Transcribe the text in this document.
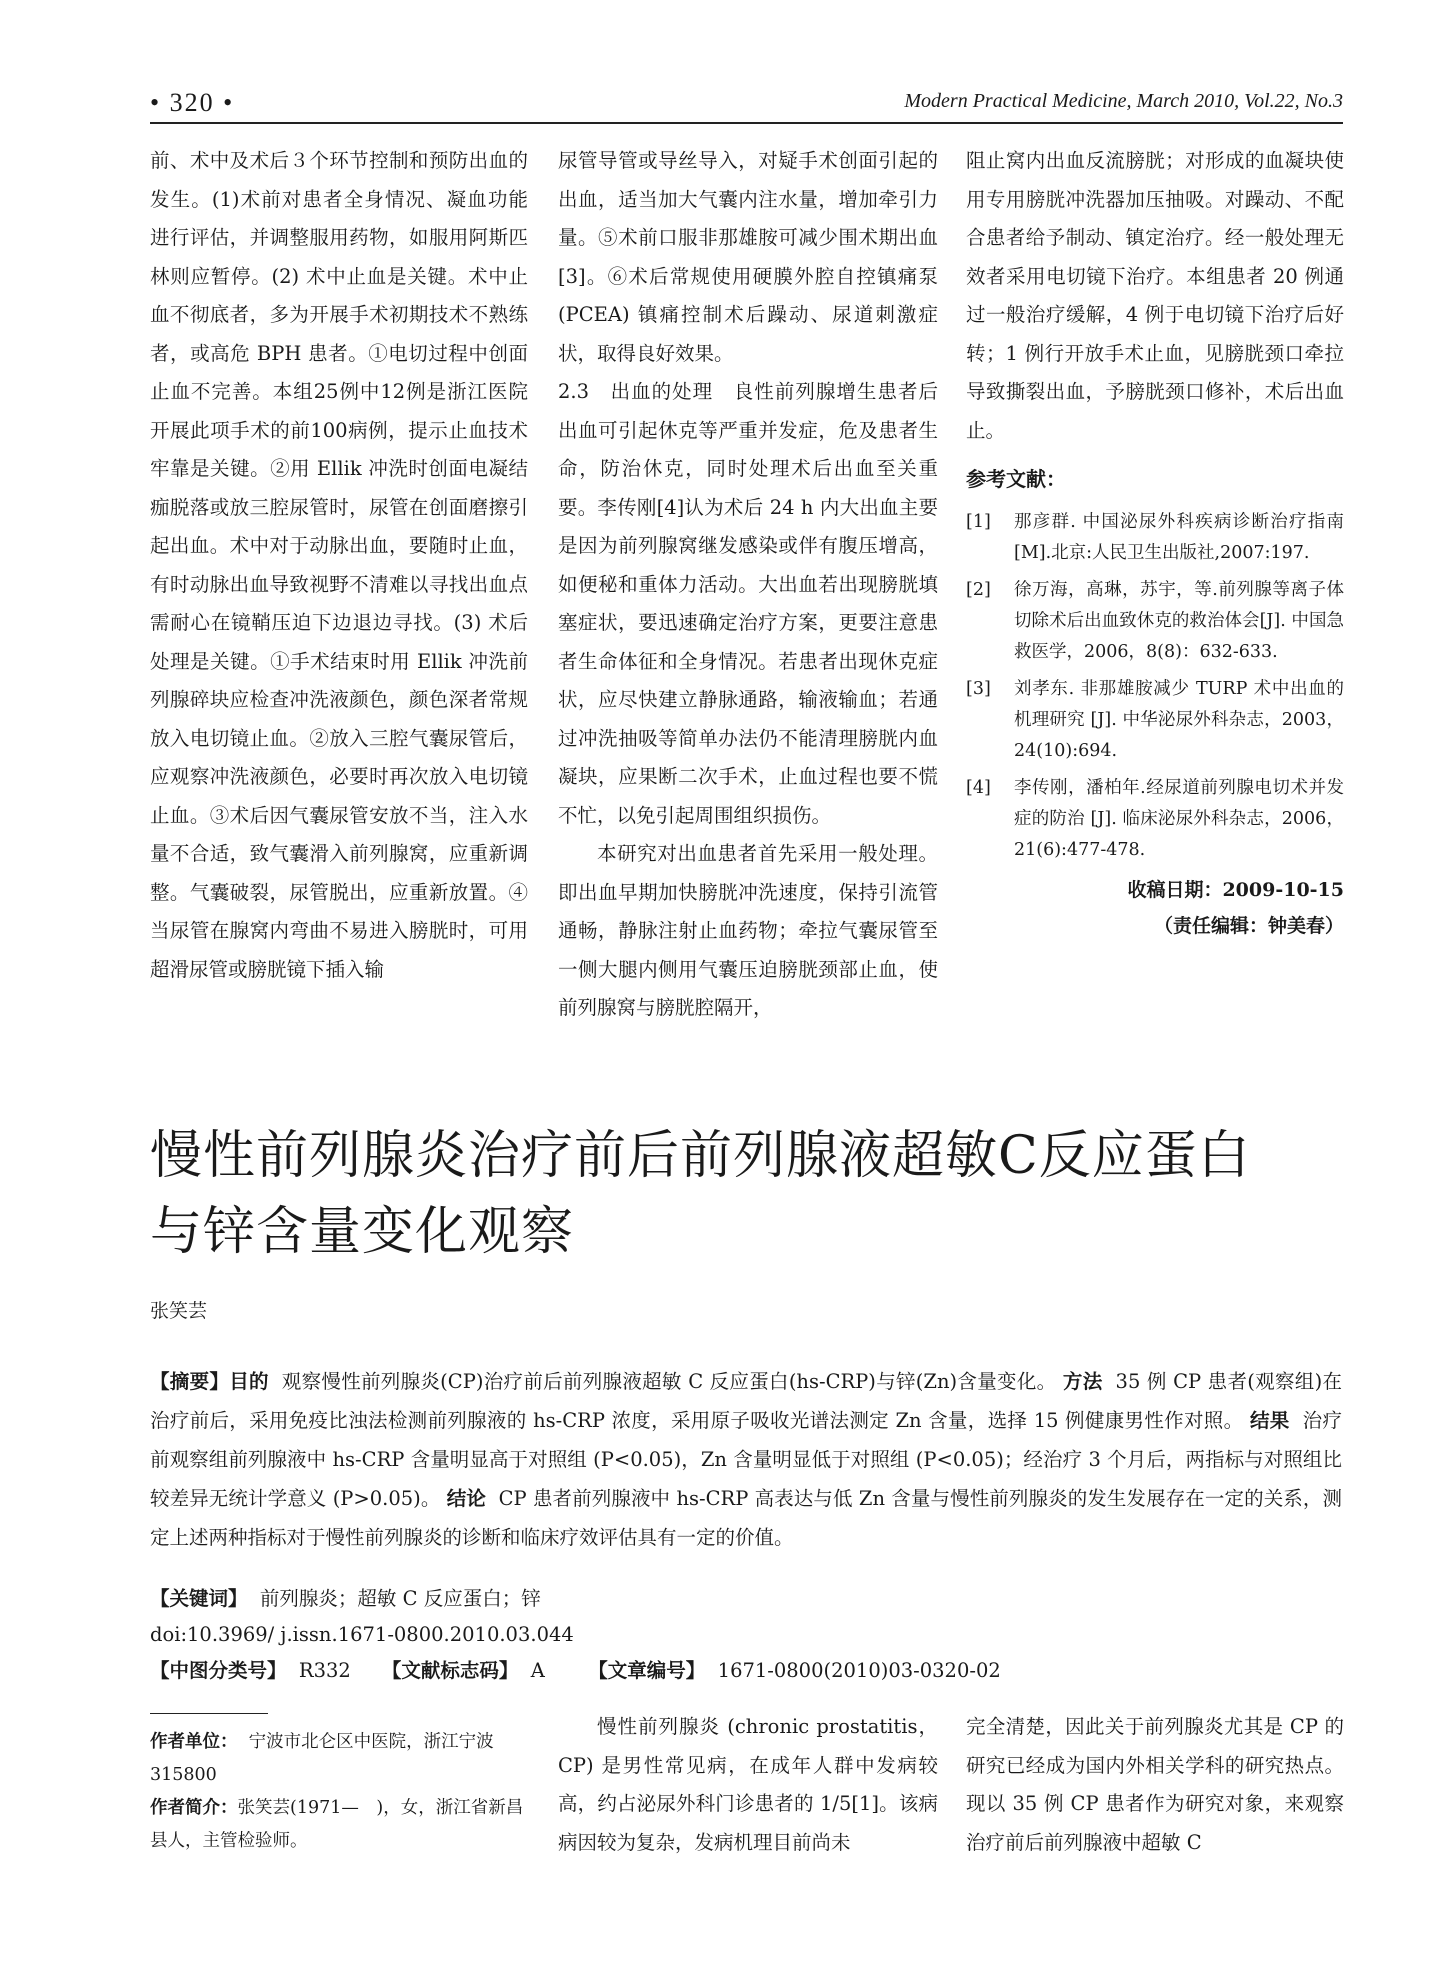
• 320 •	Modern Practical Medicine, March 2010, Vol.22, No.3

前、术中及术后３个环节控制和预防出血的发生。(1)术前对患者全身情况、凝血功能进行评估，并调整服用药物，如服用阿斯匹林则应暂停。(2) 术中止血是关键。术中止血不彻底者，多为开展手术初期技术不熟练者，或高危 BPH 患者。①电切过程中创面止血不完善。本组25例中12例是浙江医院开展此项手术的前100病例，提示止血技术牢靠是关键。②用 Ellik 冲洗时创面电凝结痂脱落或放三腔尿管时，尿管在创面磨擦引起出血。术中对于动脉出血，要随时止血，有时动脉出血导致视野不清难以寻找出血点需耐心在镜鞘压迫下边退边寻找。(3) 术后处理是关键。①手术结束时用 Ellik 冲洗前列腺碎块应检查冲洗液颜色，颜色深者常规放入电切镜止血。②放入三腔气囊尿管后，应观察冲洗液颜色，必要时再次放入电切镜止血。③术后因气囊尿管安放不当，注入水量不合适，致气囊滑入前列腺窝，应重新调整。气囊破裂，尿管脱出，应重新放置。④当尿管在腺窝内弯曲不易进入膀胱时，可用超滑尿管或膀胱镜下插入输

尿管导管或导丝导入，对疑手术创面引起的出血，适当加大气囊内注水量，增加牵引力量。⑤术前口服非那雄胺可减少围术期出血[3]。⑥术后常规使用硬膜外腔自控镇痛泵 (PCEA) 镇痛控制术后躁动、尿道刺激症状，取得良好效果。

2.3　出血的处理　良性前列腺增生患者后出血可引起休克等严重并发症，危及患者生命，防治休克，同时处理术后出血至关重要。李传刚[4]认为术后 24 h 内大出血主要是因为前列腺窝继发感染或伴有腹压增高，如便秘和重体力活动。大出血若出现膀胱填塞症状，要迅速确定治疗方案，更要注意患者生命体征和全身情况。若患者出现休克症状，应尽快建立静脉通路，输液输血；若通过冲洗抽吸等简单办法仍不能清理膀胱内血凝块，应果断二次手术，止血过程也要不慌不忙，以免引起周围组织损伤。

本研究对出血患者首先采用一般处理。即出血早期加快膀胱冲洗速度，保持引流管通畅，静脉注射止血药物；牵拉气囊尿管至一侧大腿内侧用气囊压迫膀胱颈部止血，使前列腺窝与膀胱腔隔开，

阻止窝内出血反流膀胱；对形成的血凝块使用专用膀胱冲洗器加压抽吸。对躁动、不配合患者给予制动、镇定治疗。经一般处理无效者采用电切镜下治疗。本组患者 20 例通过一般治疗缓解，4 例于电切镜下治疗后好转；1 例行开放手术止血，见膀胱颈口牵拉导致撕裂出血，予膀胱颈口修补，术后出血止。

参考文献：
[1]	那彦群. 中国泌尿外科疾病诊断治疗指南[M].北京:人民卫生出版社,2007:197.
[2]	徐万海，高琳，苏宇，等.前列腺等离子体切除术后出血致休克的救治体会[J]. 中国急救医学，2006，8(8)：632-633.
[3]	刘孝东. 非那雄胺减少 TURP 术中出血的机理研究 [J]. 中华泌尿外科杂志，2003，24(10):694.
[4]	李传刚，潘柏年.经尿道前列腺电切术并发症的防治 [J]. 临床泌尿外科杂志，2006，21(6):477-478.
收稿日期：2009-10-15
（责任编辑：钟美春）
慢性前列腺炎治疗前后前列腺液超敏C反应蛋白
与锌含量变化观察
张笑芸
【摘要】目的 观察慢性前列腺炎(CP)治疗前后前列腺液超敏 C 反应蛋白(hs-CRP)与锌(Zn)含量变化。 方法 35 例 CP 患者(观察组)在治疗前后，采用免疫比浊法检测前列腺液的 hs-CRP 浓度，采用原子吸收光谱法测定 Zn 含量，选择 15 例健康男性作对照。 结果 治疗前观察组前列腺液中 hs-CRP 含量明显高于对照组 (P<0.05)，Zn 含量明显低于对照组 (P<0.05)；经治疗 3 个月后，两指标与对照组比较差异无统计学意义 (P>0.05)。 结论 CP 患者前列腺液中 hs-CRP 高表达与低 Zn 含量与慢性前列腺炎的发生发展存在一定的关系，测定上述两种指标对于慢性前列腺炎的诊断和临床疗效评估具有一定的价值。
【关键词】 前列腺炎；超敏 C 反应蛋白；锌
doi:10.3969/ j.issn.1671-0800.2010.03.044
【中图分类号】 R332 【文献标志码】 A 【文章编号】 1671-0800(2010)03-0320-02
作者单位： 宁波市北仑区中医院，浙江宁波 315800
作者简介：张笑芸(1971—　)，女，浙江省新昌县人，主管检验师。

慢性前列腺炎 (chronic prostatitis，CP) 是男性常见病，在成年人群中发病较高，约占泌尿外科门诊患者的 1/5[1]。该病病因较为复杂，发病机理目前尚未

完全清楚，因此关于前列腺炎尤其是 CP 的研究已经成为国内外相关学科的研究热点。现以 35 例 CP 患者作为研究对象，来观察治疗前后前列腺液中超敏 C
